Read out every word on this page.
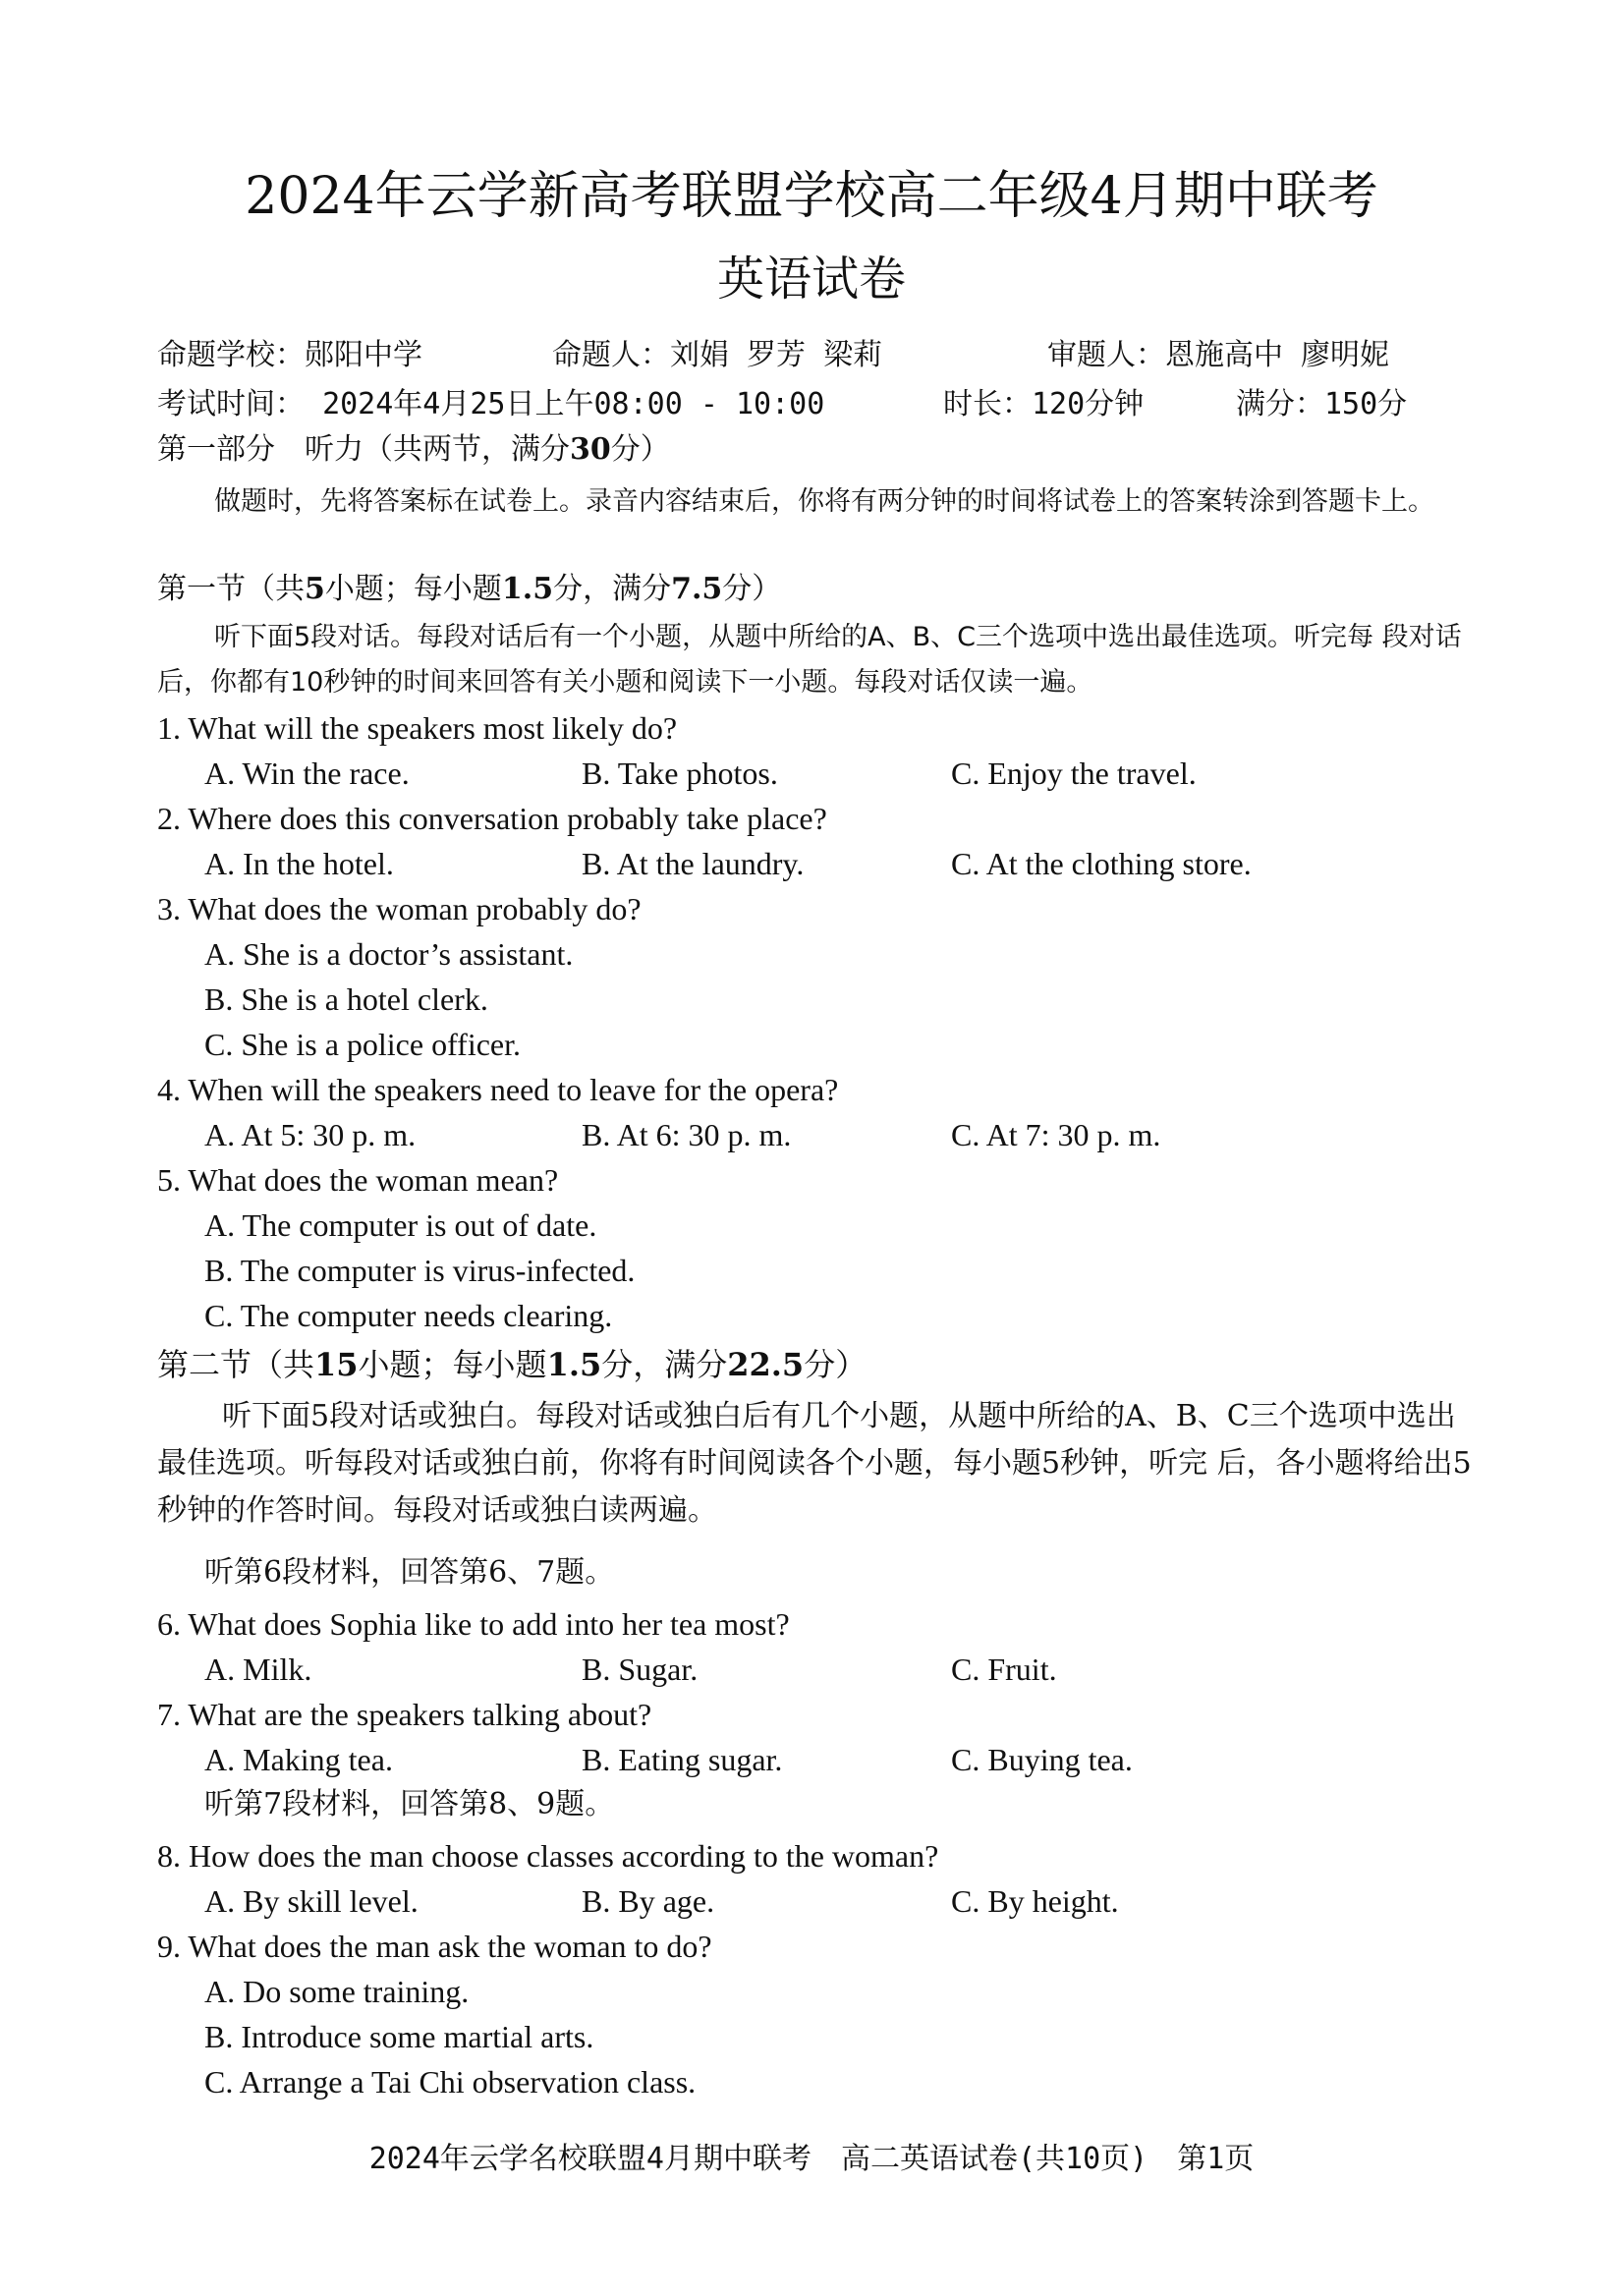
2024年云学新高考联盟学校高二年级4月期中联考
英语试卷
命题学校：郧阳中学	命题人：刘娟 罗芳 梁莉	审题人：恩施高中 廖明妮
考试时间： 2024年4月25日上午08:00 - 10:00	时长：120分钟	满分：150分
第一部分　听力（共两节，满分30分）
做题时，先将答案标在试卷上。录音内容结束后，你将有两分钟的时间将试卷上的答案转涂到答题卡上。
第一节（共5小题；每小题1.5分，满分7.5分）
听下面5段对话。每段对话后有一个小题，从题中所给的A、B、C三个选项中选出最佳选项。听完每 段对话后，你都有10秒钟的时间来回答有关小题和阅读下一小题。每段对话仅读一遍。
1. What will the speakers most likely do?
A. Win the race.	B. Take photos.	C. Enjoy the travel.
2. Where does this conversation probably take place?
A. In the hotel.	B. At the laundry.	C. At the clothing store.
3. What does the woman probably do?
A. She is a doctor’s assistant.
B. She is a hotel clerk.
C. She is a police officer.
4. When will the speakers need to leave for the opera?
A. At 5: 30 p. m.	B. At 6: 30 p. m.	C. At 7: 30 p. m.
5. What does the woman mean?
A. The computer is out of date.
B. The computer is virus-infected.
C. The computer needs clearing.
第二节（共15小题；每小题1.5分，满分22.5分）
听下面5段对话或独白。每段对话或独白后有几个小题，从题中所给的A、B、C三个选项中选出最佳选项。听每段对话或独白前，你将有时间阅读各个小题，每小题5秒钟，听完 后，各小题将给出5秒钟的作答时间。每段对话或独白读两遍。
听第6段材料，回答第6、7题。
6. What does Sophia like to add into her tea most?
A. Milk.	B. Sugar.	C. Fruit.
7. What are the speakers talking about?
A. Making tea.	B. Eating sugar.	C. Buying tea.
听第7段材料，回答第8、9题。
8. How does the man choose classes according to the woman?
A. By skill level.	B. By age.	C. By height.
9. What does the man ask the woman to do?
A. Do some training.
B. Introduce some martial arts.
C. Arrange a Tai Chi observation class.
2024年云学名校联盟4月期中联考　高二英语试卷(共10页)　第1页
